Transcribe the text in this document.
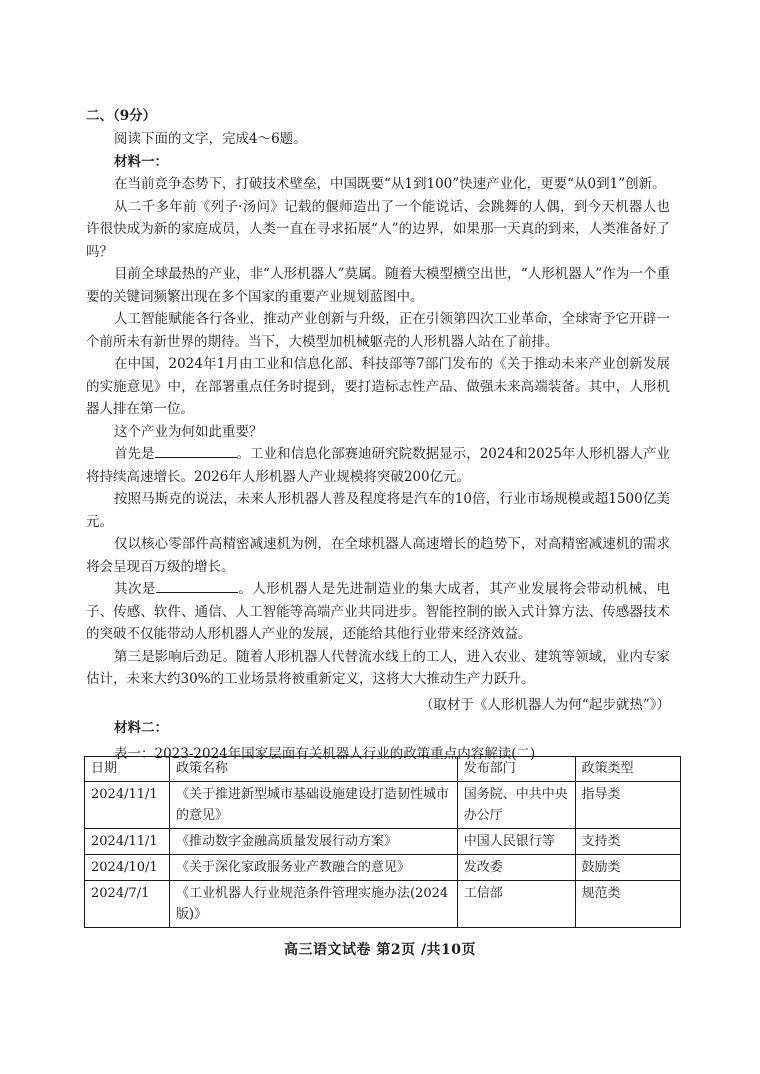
二、（9分）

阅读下面的文字，完成4～6题。

材料一：

在当前竞争态势下，打破技术壁垒，中国既要“从1到100”快速产业化，更要“从0到1”创新。

从二千多年前《列子·汤问》记载的偃师造出了一个能说话、会跳舞的人偶，到今天机器人也许很快成为新的家庭成员，人类一直在寻求拓展“人”的边界，如果那一天真的到来，人类准备好了吗？

目前全球最热的产业，非“人形机器人”莫属。随着大模型横空出世，“人形机器人”作为一个重要的关键词频繁出现在多个国家的重要产业规划蓝图中。

人工智能赋能各行各业，推动产业创新与升级，正在引领第四次工业革命，全球寄予它开辟一个前所未有新世界的期待。当下，大模型加机械躯壳的人形机器人站在了前排。

在中国，2024年1月由工业和信息化部、科技部等7部门发布的《关于推动未来产业创新发展的实施意见》中，在部署重点任务时提到，要打造标志性产品、做强未来高端装备。其中，人形机器人排在第一位。

这个产业为何如此重要？

首先是	。工业和信息化部赛迪研究院数据显示，2024和2025年人形机器人产业将持续高速增长。2026年人形机器人产业规模将突破200亿元。

按照马斯克的说法，未来人形机器人普及程度将是汽车的10倍，行业市场规模或超1500亿美元。

仅以核心零部件高精密减速机为例，在全球机器人高速增长的趋势下，对高精密减速机的需求将会呈现百万级的增长。

其次是	。人形机器人是先进制造业的集大成者，其产业发展将会带动机械、电子、传感、软件、通信、人工智能等高端产业共同进步。智能控制的嵌入式计算方法、传感器技术的突破不仅能带动人形机器人产业的发展，还能给其他行业带来经济效益。

第三是影响后劲足。随着人形机器人代替流水线上的工人，进入农业、建筑等领域，业内专家估计，未来大约30%的工业场景将被重新定义，这将大大推动生产力跃升。

（取材于《人形机器人为何“起步就热”》）

材料二：

表一：2023-2024年国家层面有关机器人行业的政策重点内容解读(二)

日期	政策名称	发布部门	政策类型
2024/11/1	《关于推进新型城市基础设施建设打造韧性城市的意见》	国务院、中共中央办公厅	指导类
2024/11/1	《推动数字金融高质量发展行动方案》	中国人民银行等	支持类
2024/10/1	《关于深化家政服务业产教融合的意见》	发改委	鼓励类
2024/7/1	《工业机器人行业规范条件管理实施办法(2024版)》	工信部	规范类
高三语文试卷 第2页 /共10页
